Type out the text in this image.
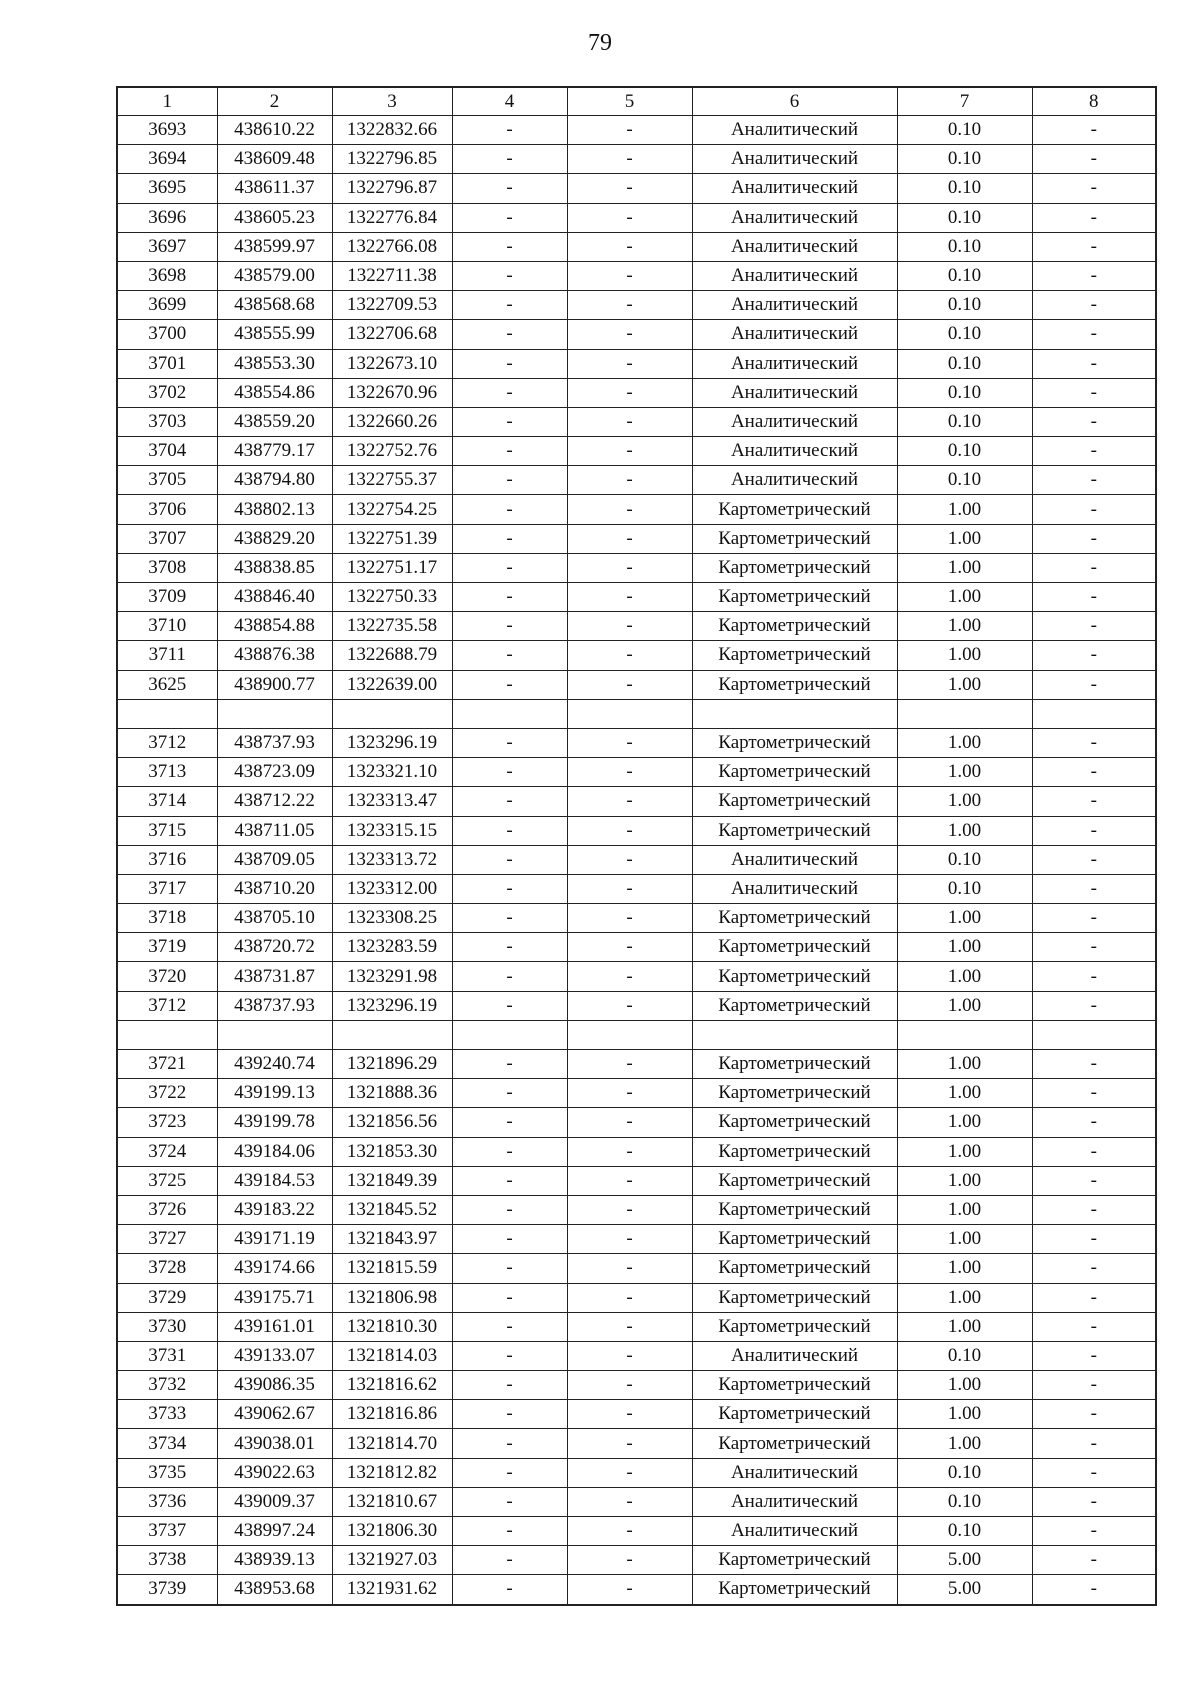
79
1	2	3	4	5	6	7	8
3693	438610.22	1322832.66	-	-	Аналитический	0.10	-
3694	438609.48	1322796.85	-	-	Аналитический	0.10	-
3695	438611.37	1322796.87	-	-	Аналитический	0.10	-
3696	438605.23	1322776.84	-	-	Аналитический	0.10	-
3697	438599.97	1322766.08	-	-	Аналитический	0.10	-
3698	438579.00	1322711.38	-	-	Аналитический	0.10	-
3699	438568.68	1322709.53	-	-	Аналитический	0.10	-
3700	438555.99	1322706.68	-	-	Аналитический	0.10	-
3701	438553.30	1322673.10	-	-	Аналитический	0.10	-
3702	438554.86	1322670.96	-	-	Аналитический	0.10	-
3703	438559.20	1322660.26	-	-	Аналитический	0.10	-
3704	438779.17	1322752.76	-	-	Аналитический	0.10	-
3705	438794.80	1322755.37	-	-	Аналитический	0.10	-
3706	438802.13	1322754.25	-	-	Картометрический	1.00	-
3707	438829.20	1322751.39	-	-	Картометрический	1.00	-
3708	438838.85	1322751.17	-	-	Картометрический	1.00	-
3709	438846.40	1322750.33	-	-	Картометрический	1.00	-
3710	438854.88	1322735.58	-	-	Картометрический	1.00	-
3711	438876.38	1322688.79	-	-	Картометрический	1.00	-
3625	438900.77	1322639.00	-	-	Картометрический	1.00	-

3712	438737.93	1323296.19	-	-	Картометрический	1.00	-
3713	438723.09	1323321.10	-	-	Картометрический	1.00	-
3714	438712.22	1323313.47	-	-	Картометрический	1.00	-
3715	438711.05	1323315.15	-	-	Картометрический	1.00	-
3716	438709.05	1323313.72	-	-	Аналитический	0.10	-
3717	438710.20	1323312.00	-	-	Аналитический	0.10	-
3718	438705.10	1323308.25	-	-	Картометрический	1.00	-
3719	438720.72	1323283.59	-	-	Картометрический	1.00	-
3720	438731.87	1323291.98	-	-	Картометрический	1.00	-
3712	438737.93	1323296.19	-	-	Картометрический	1.00	-

3721	439240.74	1321896.29	-	-	Картометрический	1.00	-
3722	439199.13	1321888.36	-	-	Картометрический	1.00	-
3723	439199.78	1321856.56	-	-	Картометрический	1.00	-
3724	439184.06	1321853.30	-	-	Картометрический	1.00	-
3725	439184.53	1321849.39	-	-	Картометрический	1.00	-
3726	439183.22	1321845.52	-	-	Картометрический	1.00	-
3727	439171.19	1321843.97	-	-	Картометрический	1.00	-
3728	439174.66	1321815.59	-	-	Картометрический	1.00	-
3729	439175.71	1321806.98	-	-	Картометрический	1.00	-
3730	439161.01	1321810.30	-	-	Картометрический	1.00	-
3731	439133.07	1321814.03	-	-	Аналитический	0.10	-
3732	439086.35	1321816.62	-	-	Картометрический	1.00	-
3733	439062.67	1321816.86	-	-	Картометрический	1.00	-
3734	439038.01	1321814.70	-	-	Картометрический	1.00	-
3735	439022.63	1321812.82	-	-	Аналитический	0.10	-
3736	439009.37	1321810.67	-	-	Аналитический	0.10	-
3737	438997.24	1321806.30	-	-	Аналитический	0.10	-
3738	438939.13	1321927.03	-	-	Картометрический	5.00	-
3739	438953.68	1321931.62	-	-	Картометрический	5.00	-
